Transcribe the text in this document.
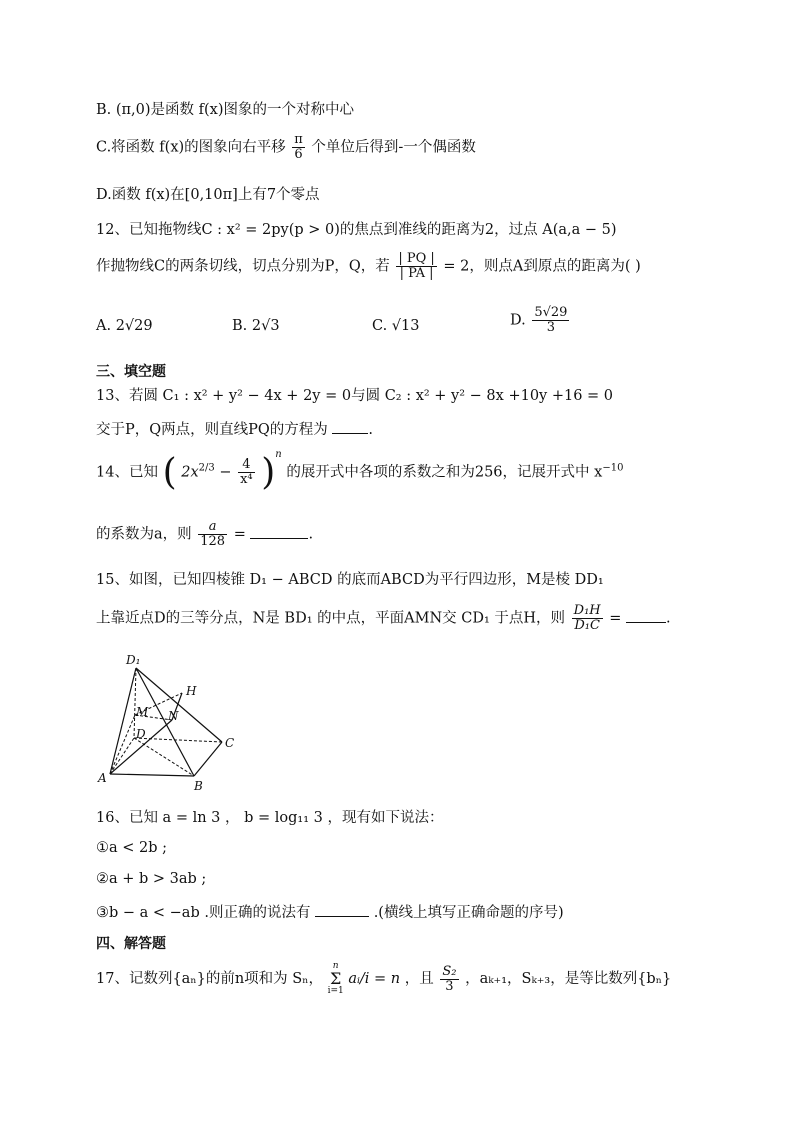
B. (π,0)是函数 f(x)图象的一个对称中心
C.将函数 f(x)的图象向右平移 $\frac{\pi}{6}$ 个单位后得到-一个偶函数
D.函数 f(x)在[0,10π]上有7个零点
12、已知拖物线C : x² = 2py(p > 0)的焦点到准线的距离为2，过点 A(a,a − 5)
作抛物线C的两条切线，切点分别为P，Q，若 $\frac{| PQ |}{| PA |} = 2$，则点A到原点的距离为( )
A. 2√29	B. 2√3	C. √13	D. $\frac{5√29}{3}$
三、填空题
13、若圆 C₁ : x² + y² − 4x + 2y = 0与圆 C₂ : x² + y² − 8x +10y +16 = 0
交于P，Q两点，则直线PQ的方程为	.
14、已知 ( $2x^{2/3} - \frac{4}{\text{x⁴}} )^n$ 的展开式中各项的系数之和为256，记展开式中 $x^{-10}$
的系数为a，则 $\frac{a}{128}$ =	.
15、如图，已知四棱锥 D₁ − ABCD 的底而ABCD为平行四边形，M是棱 DD₁
上靠近点D的三等分点，N是 BD₁ 的中点，平面AMN交 CD₁ 于点H，则 $\frac{\text{D₁H}}{\text{D₁C}}$ =	.
D₁
H
M N
D
C
A
B
16、已知 a = ln 3 ， b = log₁₁ 3 ，现有如下说法：
①a < 2b ;
②a + b > 3ab ;
③b − a < −ab .则正确的说法有	.(横线上填写正确命题的序号)
四、解答题
17、记数列{aₙ}的前n项和为 Sₙ，
n
Σ
i=1
aᵢ/i = n ，且 $\frac{\text{S₂}}{3}$ ，aₖ₊₁，Sₖ₊₃，是等比数列{bₙ}
